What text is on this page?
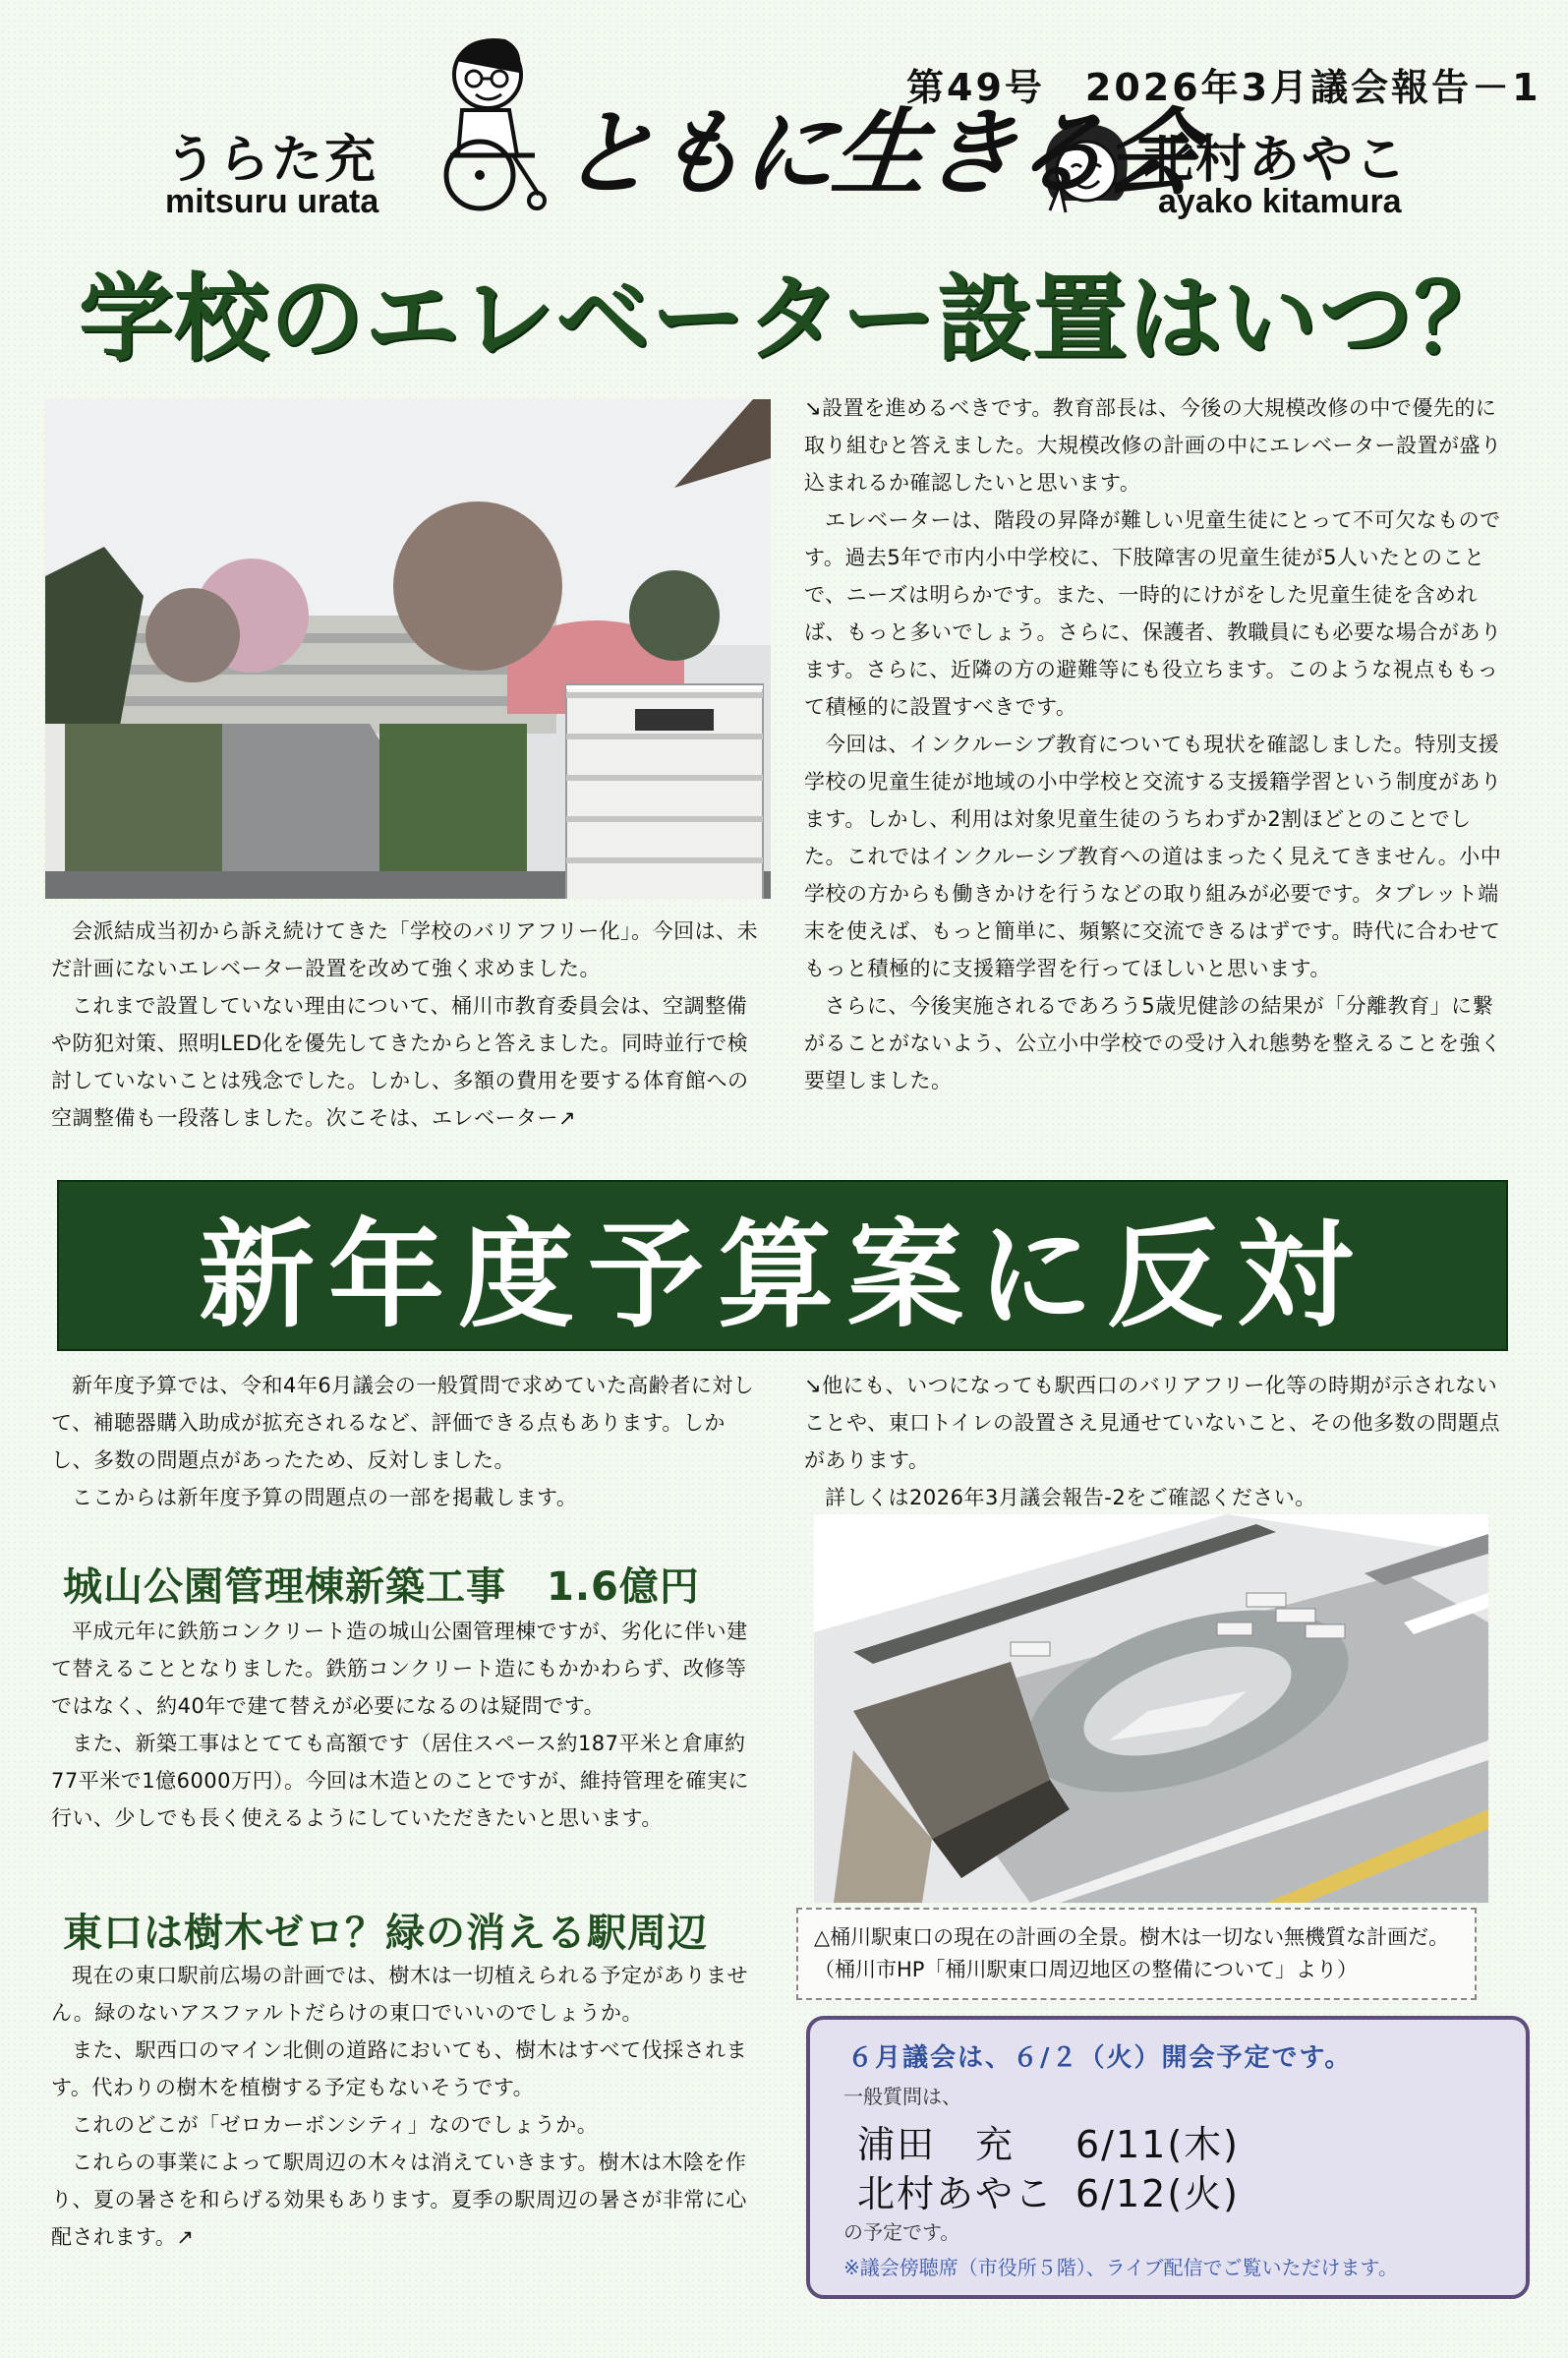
うらた充
mitsuru urata ともに生きる会
北村あやこ
ayako kitamura
第49号　2026年3月議会報告－1
学校のエレベーター設置はいつ？

会派結成当初から訴え続けてきた「学校のバリアフリー化」。今回は、未だ計画にないエレベーター設置を改めて強く求めました。

これまで設置していない理由について、桶川市教育委員会は、空調整備や防犯対策、照明LED化を優先してきたからと答えました。同時並行で検討していないことは残念でした。しかし、多額の費用を要する体育館への空調整備も一段落しました。次こそは、エレベーター↗

↘設置を進めるべきです。教育部長は、今後の大規模改修の中で優先的に取り組むと答えました。大規模改修の計画の中にエレベーター設置が盛り込まれるか確認したいと思います。

エレベーターは、階段の昇降が難しい児童生徒にとって不可欠なものです。過去5年で市内小中学校に、下肢障害の児童生徒が5人いたとのことで、ニーズは明らかです。また、一時的にけがをした児童生徒を含めれば、もっと多いでしょう。さらに、保護者、教職員にも必要な場合があります。さらに、近隣の方の避難等にも役立ちます。このような視点ももって積極的に設置すべきです。

今回は、インクルーシブ教育についても現状を確認しました。特別支援学校の児童生徒が地域の小中学校と交流する支援籍学習という制度があります。しかし、利用は対象児童生徒のうちわずか2割ほどとのことでした。これではインクルーシブ教育への道はまったく見えてきません。小中学校の方からも働きかけを行うなどの取り組みが必要です。タブレット端末を使えば、もっと簡単に、頻繁に交流できるはずです。時代に合わせてもっと積極的に支援籍学習を行ってほしいと思います。

さらに、今後実施されるであろう5歳児健診の結果が「分離教育」に繋がることがないよう、公立小中学校での受け入れ態勢を整えることを強く要望しました。

新年度予算案に反対

新年度予算では、令和4年6月議会の一般質問で求めていた高齢者に対して、補聴器購入助成が拡充されるなど、評価できる点もあります。しかし、多数の問題点があったため、反対しました。

ここからは新年度予算の問題点の一部を掲載します。

↘他にも、いつになっても駅西口のバリアフリー化等の時期が示されないことや、東口トイレの設置さえ見通せていないこと、その他多数の問題点があります。

詳しくは2026年3月議会報告-2をご確認ください。

城山公園管理棟新築工事　1.6億円

平成元年に鉄筋コンクリート造の城山公園管理棟ですが、劣化に伴い建て替えることとなりました。鉄筋コンクリート造にもかかわらず、改修等ではなく、約40年で建て替えが必要になるのは疑問です。

また、新築工事はとてても高額です（居住スペース約187平米と倉庫約77平米で1億6000万円）。今回は木造とのことですが、維持管理を確実に行い、少しでも長く使えるようにしていただきたいと思います。

東口は樹木ゼロ？緑の消える駅周辺

現在の東口駅前広場の計画では、樹木は一切植えられる予定がありません。緑のないアスファルトだらけの東口でいいのでしょうか。

また、駅西口のマイン北側の道路においても、樹木はすべて伐採されます。代わりの樹木を植樹する予定もないそうです。

これのどこが「ゼロカーボンシティ」なのでしょうか。

これらの事業によって駅周辺の木々は消えていきます。樹木は木陰を作り、夏の暑さを和らげる効果もあります。夏季の駅周辺の暑さが非常に心配されます。↗

△桶川駅東口の現在の計画の全景。樹木は一切ない無機質な計画だ。（桶川市HP「桶川駅東口周辺地区の整備について」より）
６月議会は、６/２（火）開会予定です。
一般質問は、
浦田　充 6/11(木)
北村あやこ 6/12(火)
の予定です。
※議会傍聴席（市役所５階）、ライブ配信でご覧いただけます。
